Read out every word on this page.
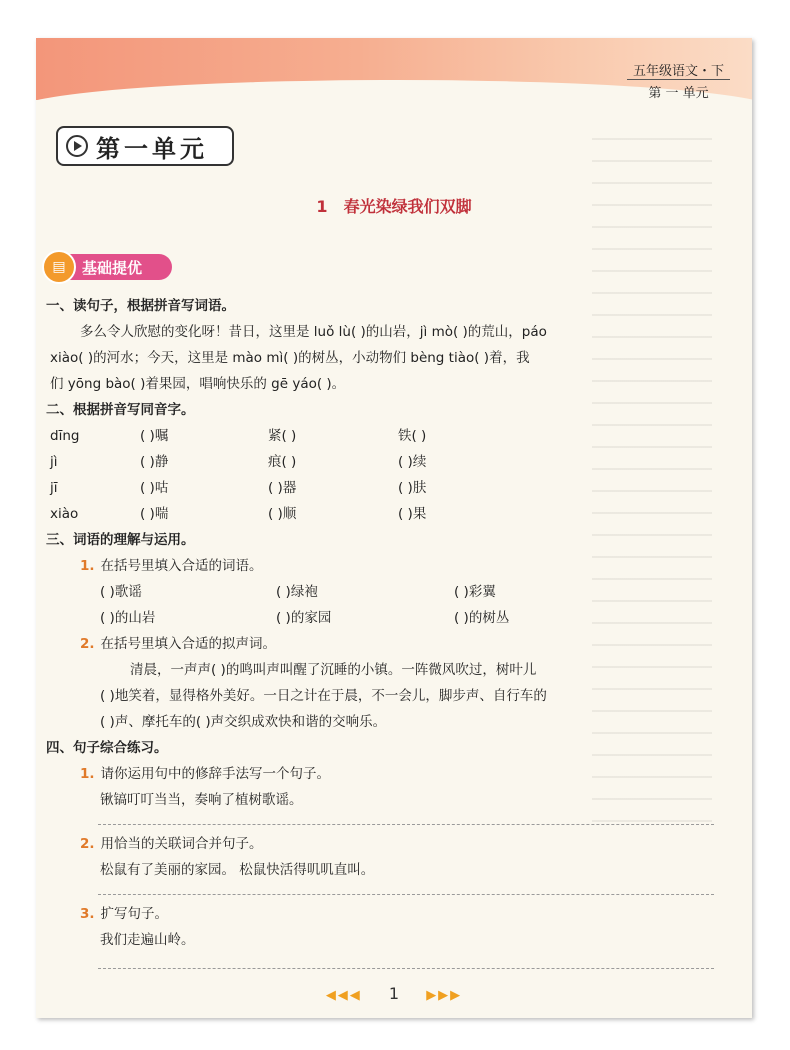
五年级语文・下
第 一 单元
第一单元
1 春光染绿我们双脚
▤	基础提优
一、读句子，根据拼音写词语。
多么令人欣慰的变化呀！昔日，这里是 luǒ lù( )的山岩，jì mò( )的荒山，páo
xiào( )的河水；今天，这里是 mào mì( )的树丛，小动物们 bèng tiào( )着，我
们 yōng bào( )着果园，唱响快乐的 gē yáo( )。
二、根据拼音写同音字。
dīng	( )嘱	紧( )	铁( )
jì	( )静	痕( )	( )续
jī	( )咕	( )器	( )肤
xiào	( )喘	( )顺	( )果
三、词语的理解与运用。
1. 在括号里填入合适的词语。
( )歌谣	( )绿袍	( )彩翼
( )的山岩	( )的家园	( )的树丛
2. 在括号里填入合适的拟声词。
清晨，一声声( )的鸣叫声叫醒了沉睡的小镇。一阵微风吹过，树叶儿
( )地笑着，显得格外美好。一日之计在于晨，不一会儿，脚步声、自行车的
( )声、摩托车的( )声交织成欢快和谐的交响乐。
四、句子综合练习。
1. 请你运用句中的修辞手法写一个句子。
锹镐叮叮当当，奏响了植树歌谣。
2. 用恰当的关联词合并句子。
松鼠有了美丽的家园。 松鼠快活得叽叽直叫。
3. 扩写句子。
我们走遍山岭。
◀◀◀ 1 ▶▶▶
